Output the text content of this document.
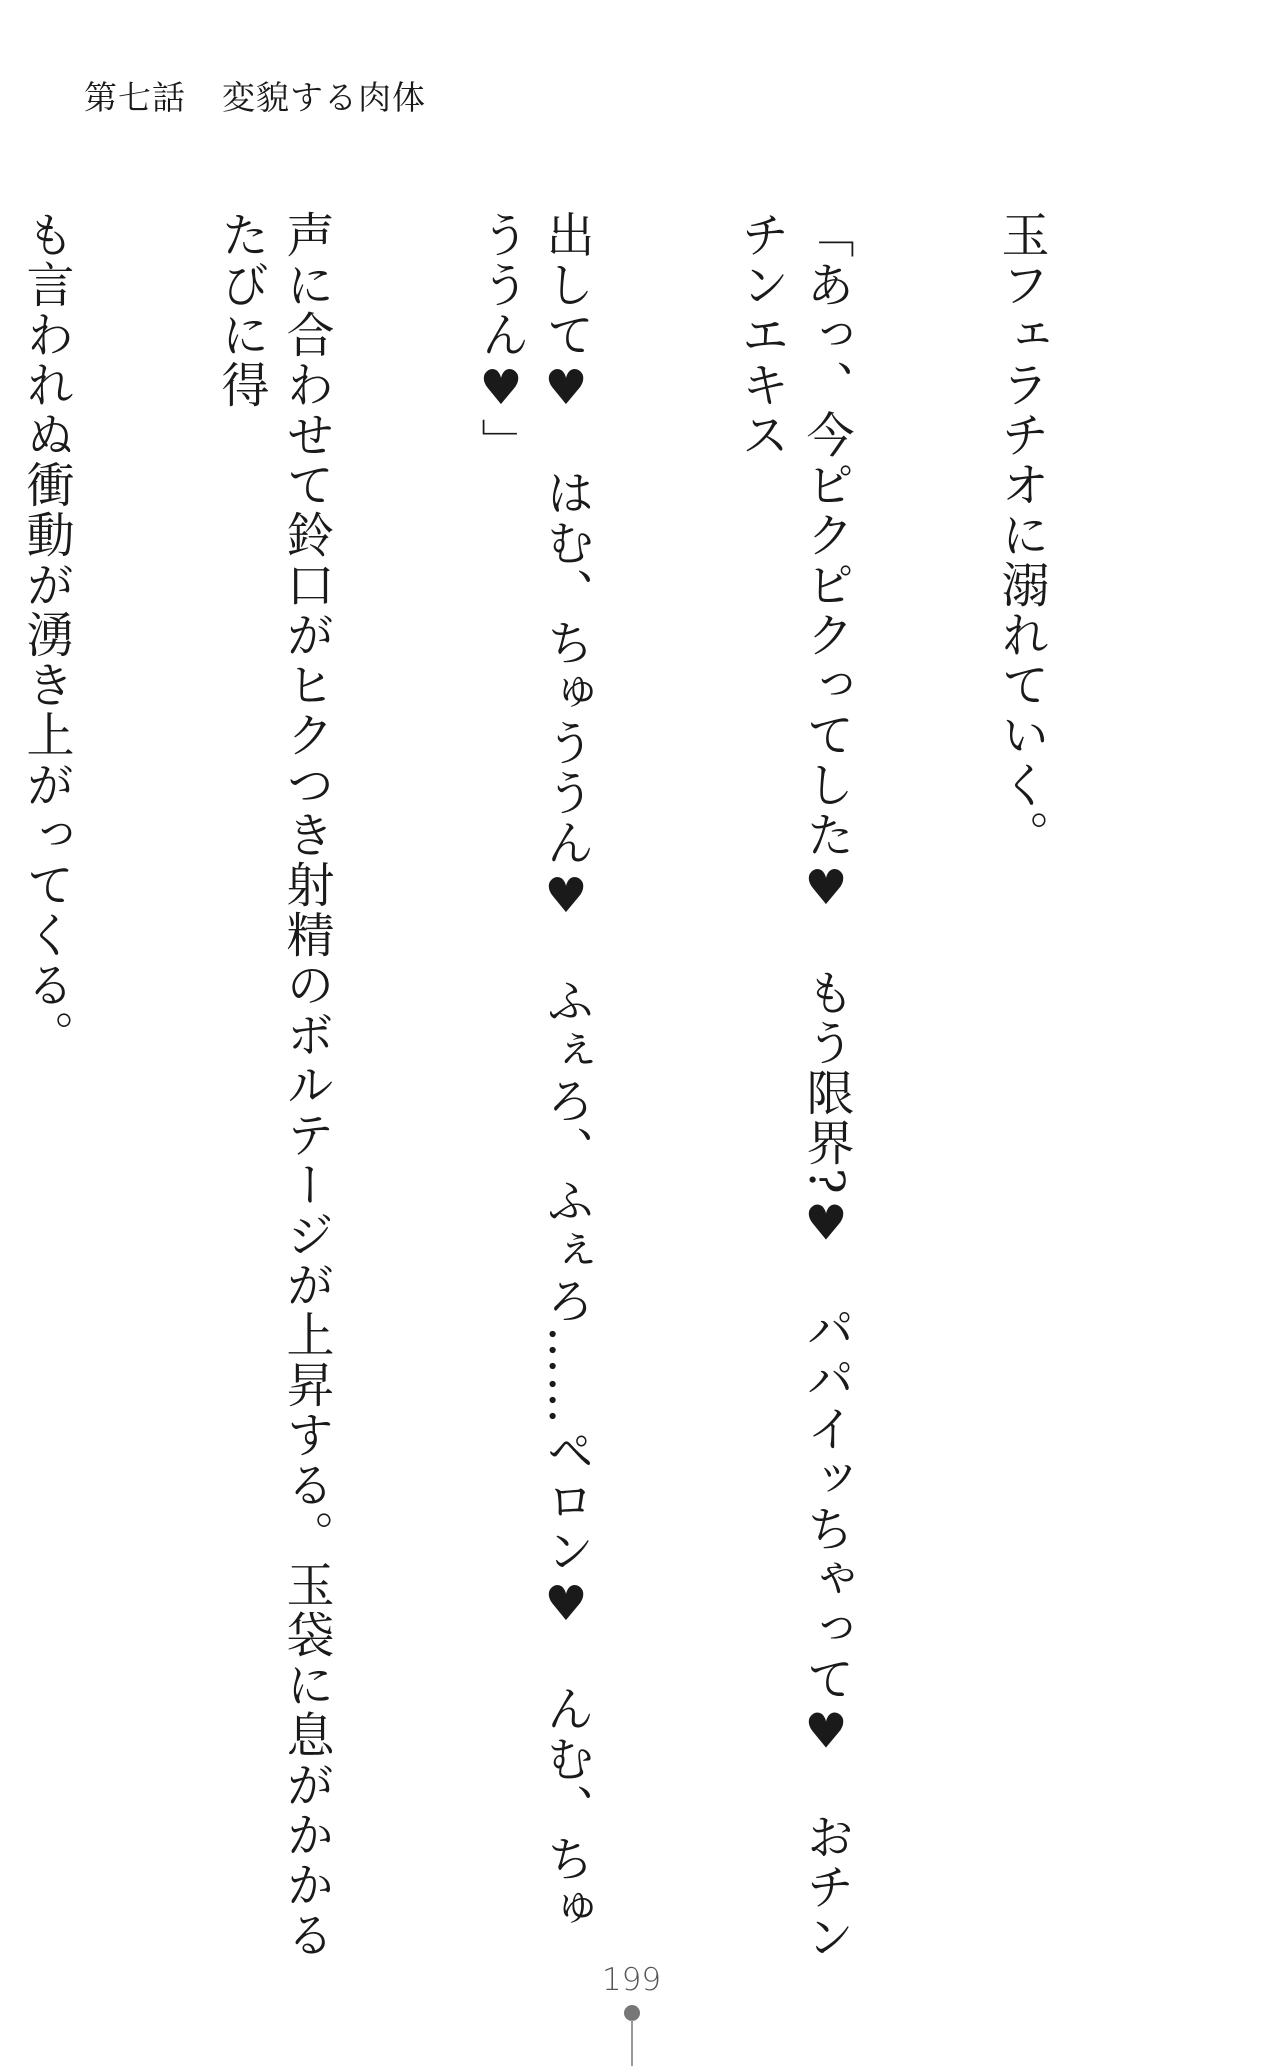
第七話 変貌する肉体

玉フェラチオに溺れていく。

「あっ、今ピクピクってした♥　もう限界?♥　パパイッちゃって♥　おチンチンエキス

出して♥　はむ、ちゅううん♥　ふぇろ、ふぇろ……ペロン♥　んむ、ちゅううん♥」

声に合わせて鈴口がヒクつき射精のボルテージが上昇する。玉袋に息がかかるたびに得

も言われぬ衝動が湧き上がってくる。

199
